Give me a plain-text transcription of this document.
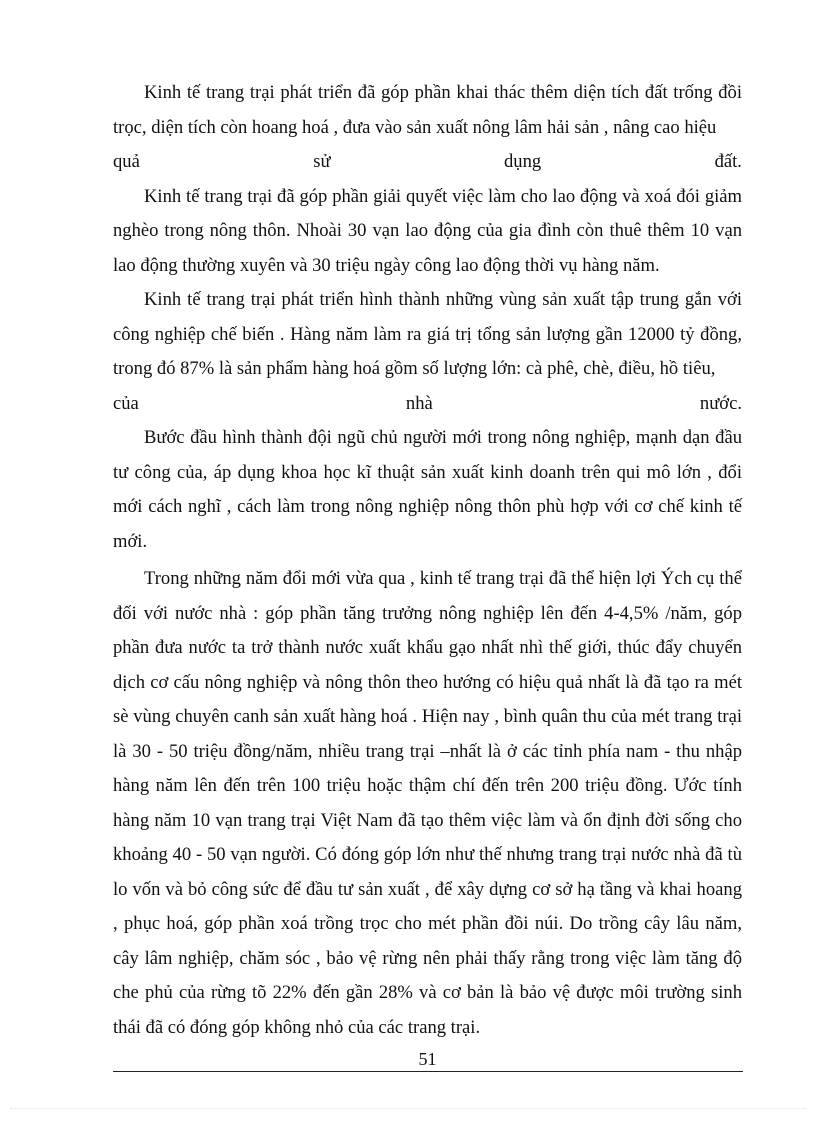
Kinh tế trang trại phát triển đã góp phần khai thác thêm diện tích đất trống đồi trọc, diện tích còn hoang hoá , đưa vào sản xuất nông lâm hải sản , nâng cao hiệu

quả	sử	dụng	đất.

Kinh tế trang trại đã góp phần giải quyết việc làm cho lao động và xoá đói giảm nghèo trong nông thôn. Nhoài 30 vạn lao động của gia đình còn thuê thêm 10 vạn lao động thường xuyên và 30 triệu ngày công lao động thời vụ hàng năm.

Kinh tế trang trại phát triển hình thành những vùng sản xuất tập trung gắn với công nghiệp chế biến . Hàng năm làm ra giá trị tổng sản lượng gần 12000 tỷ đồng, trong đó 87% là sản phẩm hàng hoá gồm số lượng lớn: cà phê, chè, điều, hồ tiêu,

của	nhà	nước.

Bước đầu hình thành đội ngũ chủ người mới trong nông nghiệp, mạnh dạn đầu tư công của, áp dụng khoa học kĩ thuật sản xuất kinh doanh trên qui mô lớn , đổi mới cách nghĩ , cách làm trong nông nghiệp nông thôn phù hợp với cơ chế kinh tế mới.

Trong những năm đổi mới vừa qua , kinh tế trang trại đã thể hiện lợi Ých cụ thể đối với nước nhà : góp phần tăng trưởng nông nghiệp lên đến 4-4,5% /năm, góp phần đưa nước ta trở thành nước xuất khẩu gạo nhất nhì thế giới, thúc đẩy chuyển dịch cơ cấu nông nghiệp và nông thôn theo hướng có hiệu quả nhất là đã tạo ra mét sè vùng chuyên canh sản xuất hàng hoá . Hiện nay , bình quân thu của mét trang trại là 30 - 50 triệu đồng/năm, nhiều trang trại –nhất là ở các tỉnh phía nam - thu nhập hàng năm lên đến trên 100 triệu hoặc thậm chí đến trên 200 triệu đồng. Ước tính hàng năm 10 vạn trang trại Việt Nam đã tạo thêm việc làm và ổn định đời sống cho khoảng 40 - 50 vạn người. Có đóng góp lớn như thế nhưng trang trại nước nhà đã tù lo vốn và bỏ công sức để đầu tư sản xuất , để xây dựng cơ sở hạ tầng và khai hoang , phục hoá, góp phần xoá trồng trọc cho mét phần đồi núi. Do trồng cây lâu năm, cây lâm nghiệp, chăm sóc , bảo vệ rừng nên phải thấy rằng trong việc làm tăng độ che phủ của rừng tõ 22% đến gần 28% và cơ bản là bảo vệ được môi trường sinh thái đã có đóng góp không nhỏ của các trang trại.

51
